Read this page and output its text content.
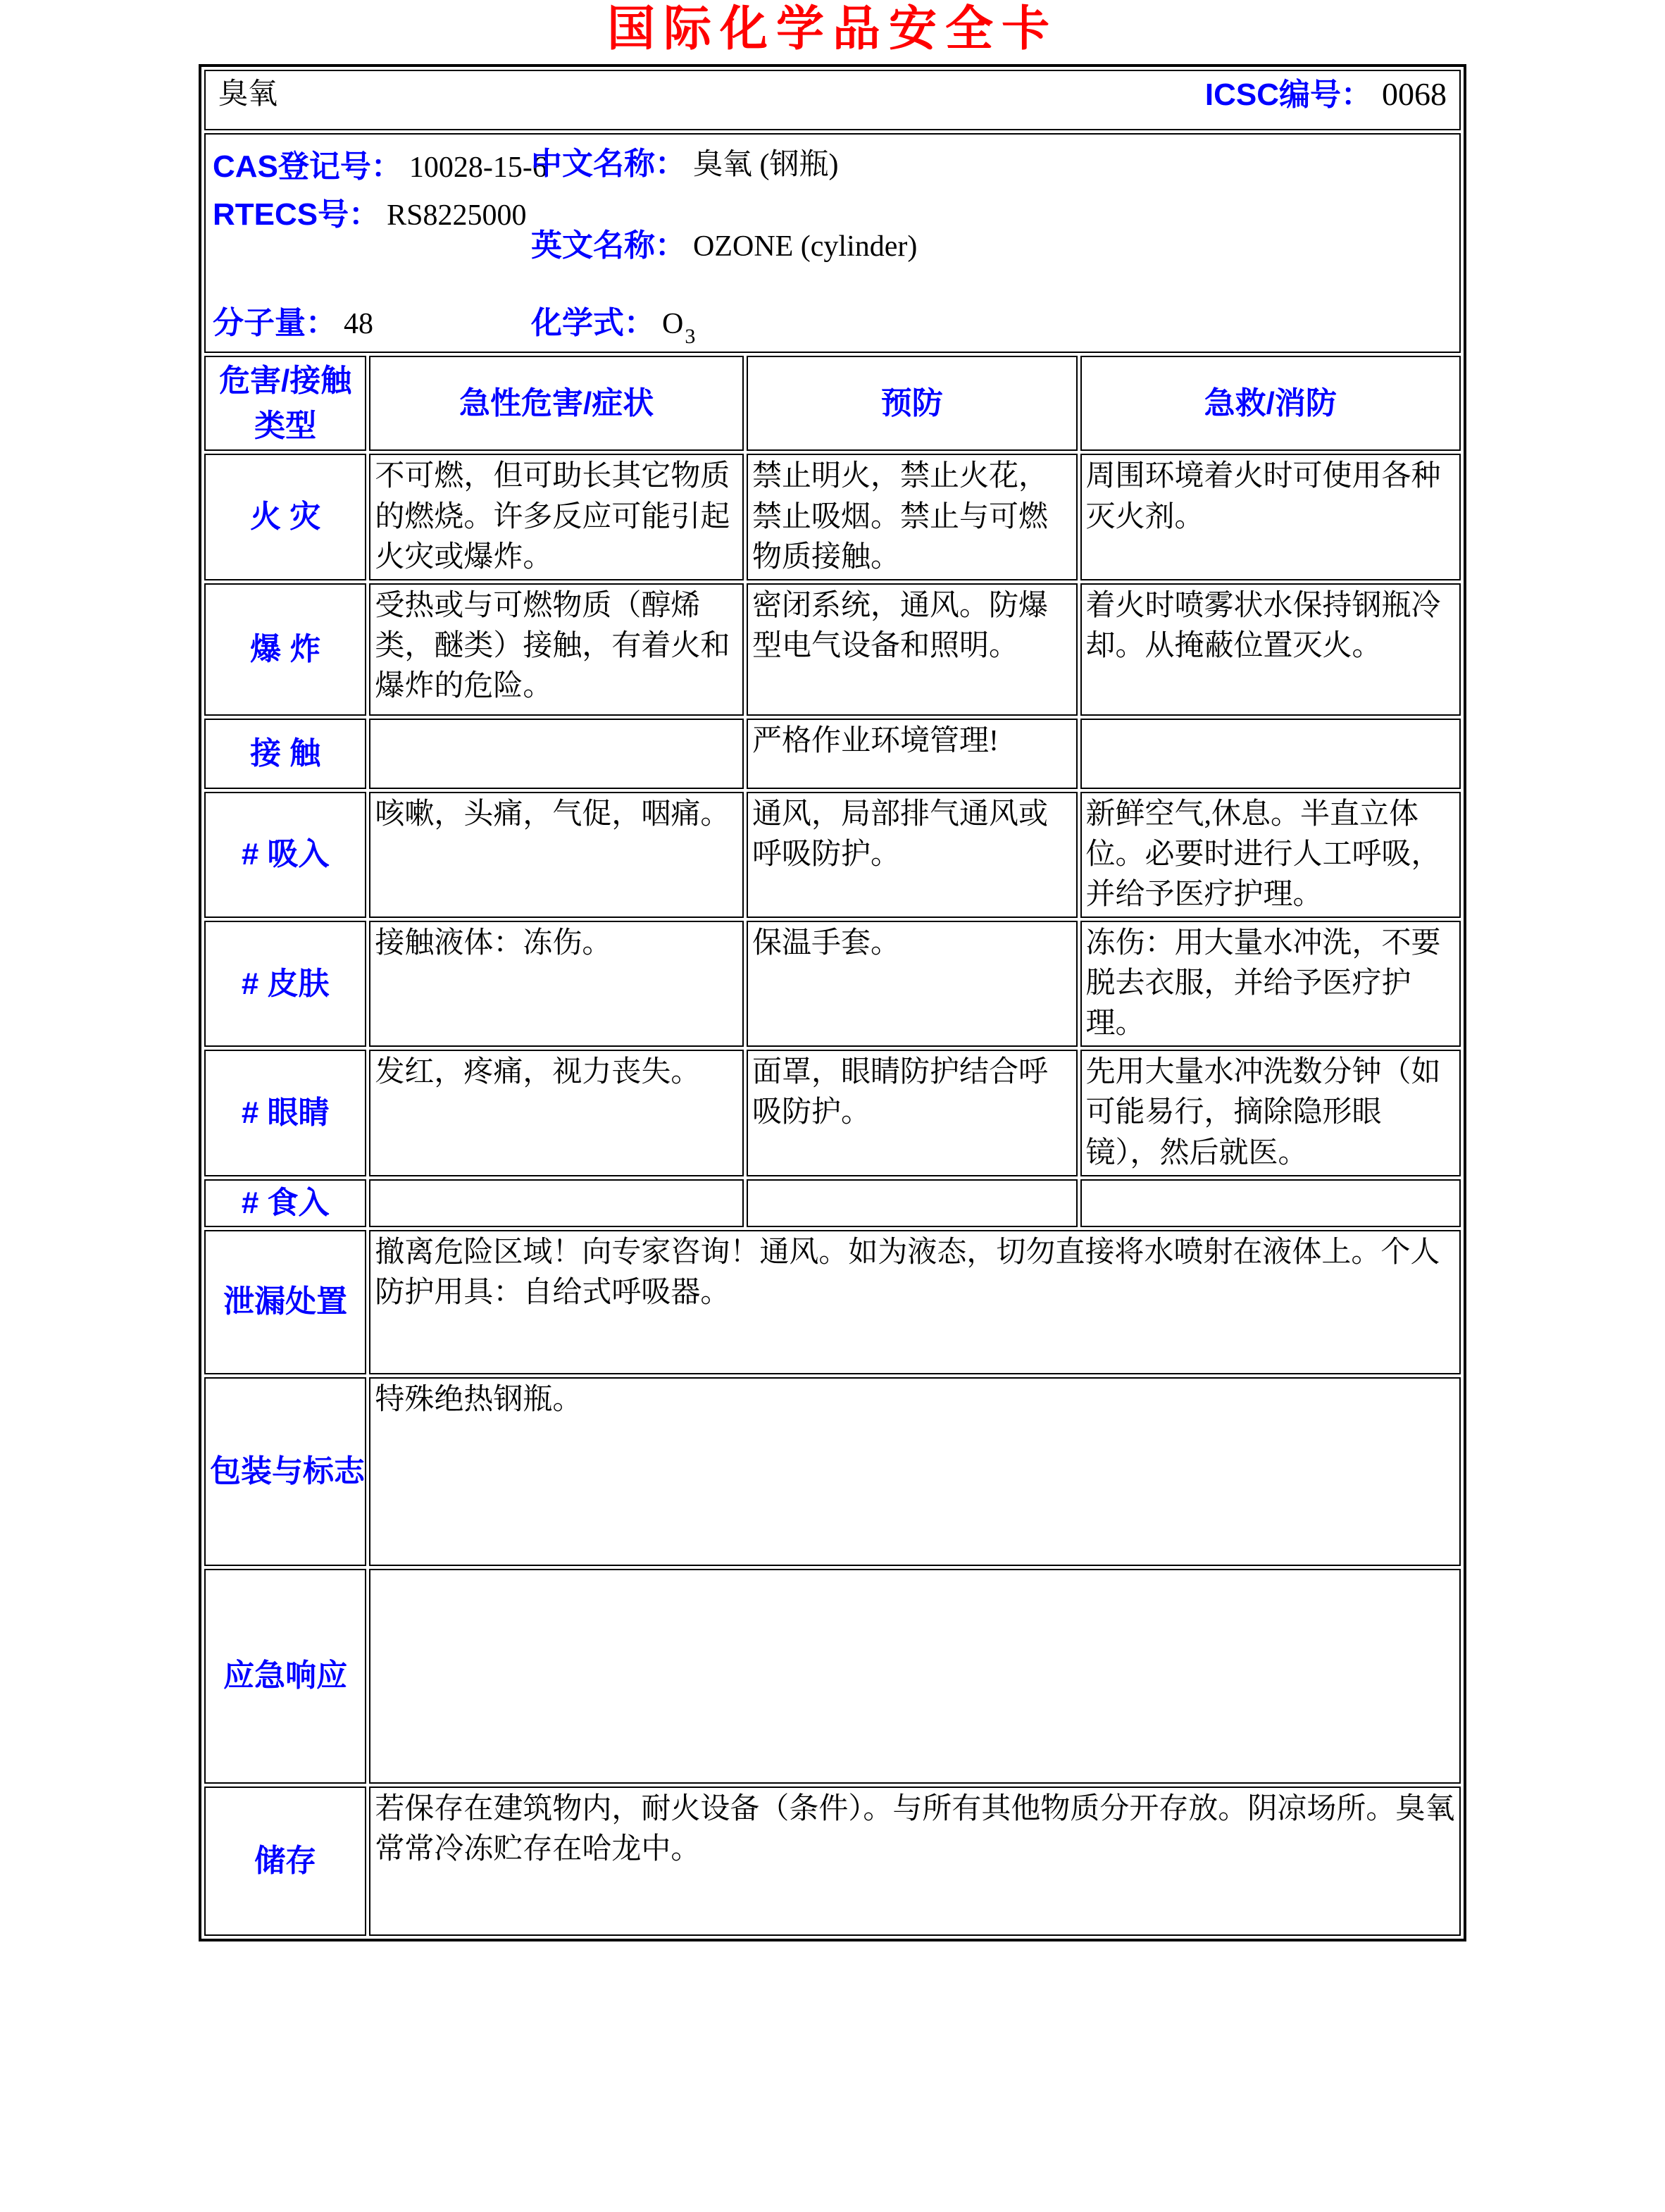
国际化学品安全卡
臭氧 ICSC编号： 0068			

CAS登记号： 10028-15-6
中文名称： 臭氧 (钢瓶)
RTECS号： RS8225000
英文名称： OZONE (cylinder)
分子量： 48	化学式： $O_3$

危害/接触类型	急性危害/症状	预防	急救/消防
火 灾	不可燃，但可助长其它物质的燃烧。许多反应可能引起火灾或爆炸。	禁止明火，禁止火花，禁止吸烟。禁止与可燃物质接触。	周围环境着火时可使用各种灭火剂。
爆 炸	受热或与可燃物质（醇烯类，醚类）接触，有着火和爆炸的危险。	密闭系统，通风。防爆型电气设备和照明。	着火时喷雾状水保持钢瓶冷却。从掩蔽位置灭火。
接 触		严格作业环境管理!	
# 吸入	咳嗽，头痛，气促，咽痛。	通风，局部排气通风或呼吸防护。	新鲜空气,休息。半直立体位。必要时进行人工呼吸，并给予医疗护理。
# 皮肤	接触液体：冻伤。	保温手套。	冻伤：用大量水冲洗，不要脱去衣服，并给予医疗护理。
# 眼睛	发红，疼痛，视力丧失。	面罩，眼睛防护结合呼吸防护。	先用大量水冲洗数分钟（如可能易行，摘除隐形眼镜），然后就医。
# 食入			
泄漏处置	撤离危险区域！向专家咨询！通风。如为液态，切勿直接将水喷射在液体上。个人防护用具：自给式呼吸器。		
包装与标志	特殊绝热钢瓶。		
应急响应			
储存	若保存在建筑物内，耐火设备（条件）。与所有其他物质分开存放。阴凉场所。臭氧常常冷冻贮存在哈龙中。		
